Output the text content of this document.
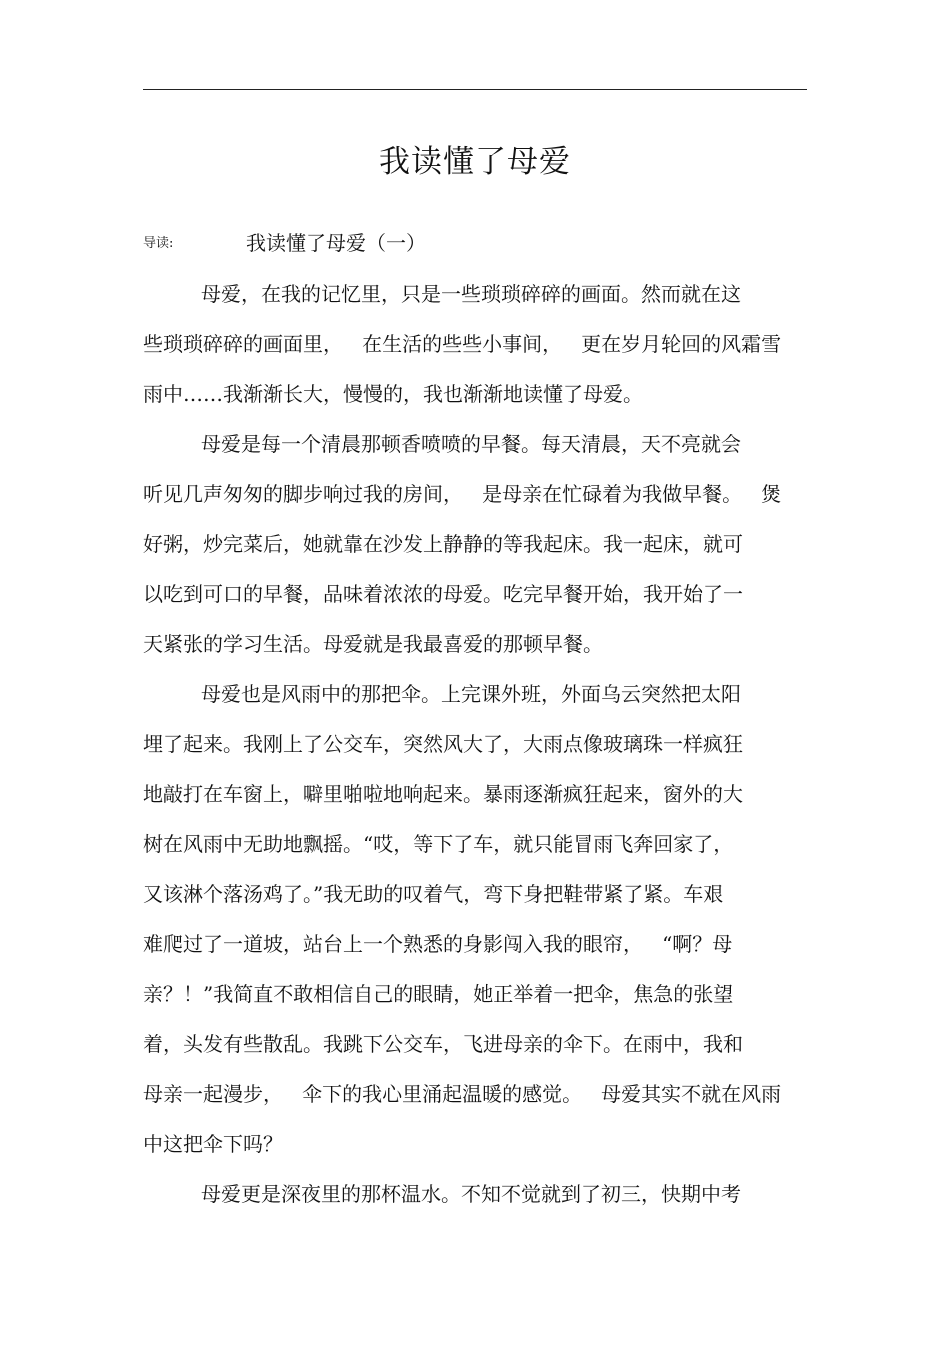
我读懂了母爱
导读:	我读懂了母爱（一）
母爱，在我的记忆里，只是一些琐琐碎碎的画面。然而就在这
些琐琐碎碎的画面里，   在生活的些些小事间，   更在岁月轮回的风霜雪
雨中……我渐渐长大，慢慢的，我也渐渐地读懂了母爱。
母爱是每一个清晨那顿香喷喷的早餐。每天清晨，天不亮就会
听见几声匆匆的脚步响过我的房间，   是母亲在忙碌着为我做早餐。   煲
好粥，炒完菜后，她就靠在沙发上静静的等我起床。我一起床，就可
以吃到可口的早餐，品味着浓浓的母爱。吃完早餐开始，我开始了一
天紧张的学习生活。母爱就是我最喜爱的那顿早餐。
母爱也是风雨中的那把伞。上完课外班，外面乌云突然把太阳
埋了起来。我刚上了公交车，突然风大了，大雨点像玻璃珠一样疯狂
地敲打在车窗上，噼里啪啦地响起来。暴雨逐渐疯狂起来，窗外的大
树在风雨中无助地飘摇。“哎，等下了车，就只能冒雨飞奔回家了，
又该淋个落汤鸡了。”我无助的叹着气，弯下身把鞋带紧了紧。车艰
难爬过了一道坡，站台上一个熟悉的身影闯入我的眼帘，   “啊？母
亲？！”我简直不敢相信自己的眼睛，她正举着一把伞，焦急的张望
着，头发有些散乱。我跳下公交车，飞进母亲的伞下。在雨中，我和
母亲一起漫步，   伞下的我心里涌起温暖的感觉。   母爱其实不就在风雨
中这把伞下吗？
母爱更是深夜里的那杯温水。不知不觉就到了初三，快期中考
